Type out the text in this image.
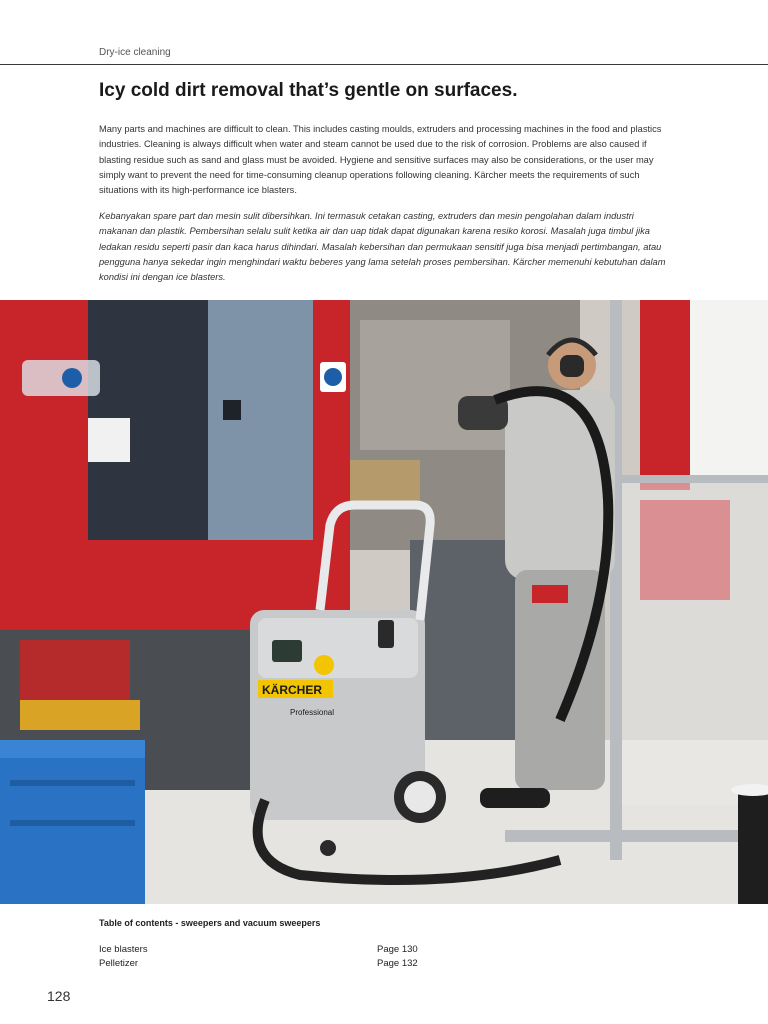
Dry-ice cleaning
Icy cold dirt removal that’s gentle on surfaces.

Many parts and machines are difficult to clean. This includes casting moulds, extruders and processing machines in the food and plastics industries. Cleaning is always difficult when water and steam cannot be used due to the risk of corrosion. Problems are also caused if blasting residue such as sand and glass must be avoided. Hygiene and sensitive surfaces may also be considerations, or the user may simply want to prevent the need for time-consuming cleanup operations following cleaning. Kärcher meets the requirements of such situations with its high-performance ice blasters.

Kebanyakan spare part dan mesin sulit dibersihkan. Ini termasuk cetakan casting, extruders dan mesin pengolahan dalam industri makanan dan plastik. Pembersihan selalu sulit ketika air dan uap tidak dapat digunakan karena resiko korosi. Masalah juga timbul jika ledakan residu seperti pasir dan kaca harus dihindari. Masalah kebersihan dan permukaan sensitif juga bisa menjadi pertimbangan, atau pengguna hanya sekedar ingin menghindari waktu beberes yang lama setelah proses pembersihan. Kärcher memenuhi kebutuhan dalam kondisi ini dengan ice blasters.

KÄRCHER
Professional
Table of contents - sweepers and vacuum sweepers
Ice blasters	Page 130
Pelletizer	Page 132
128
